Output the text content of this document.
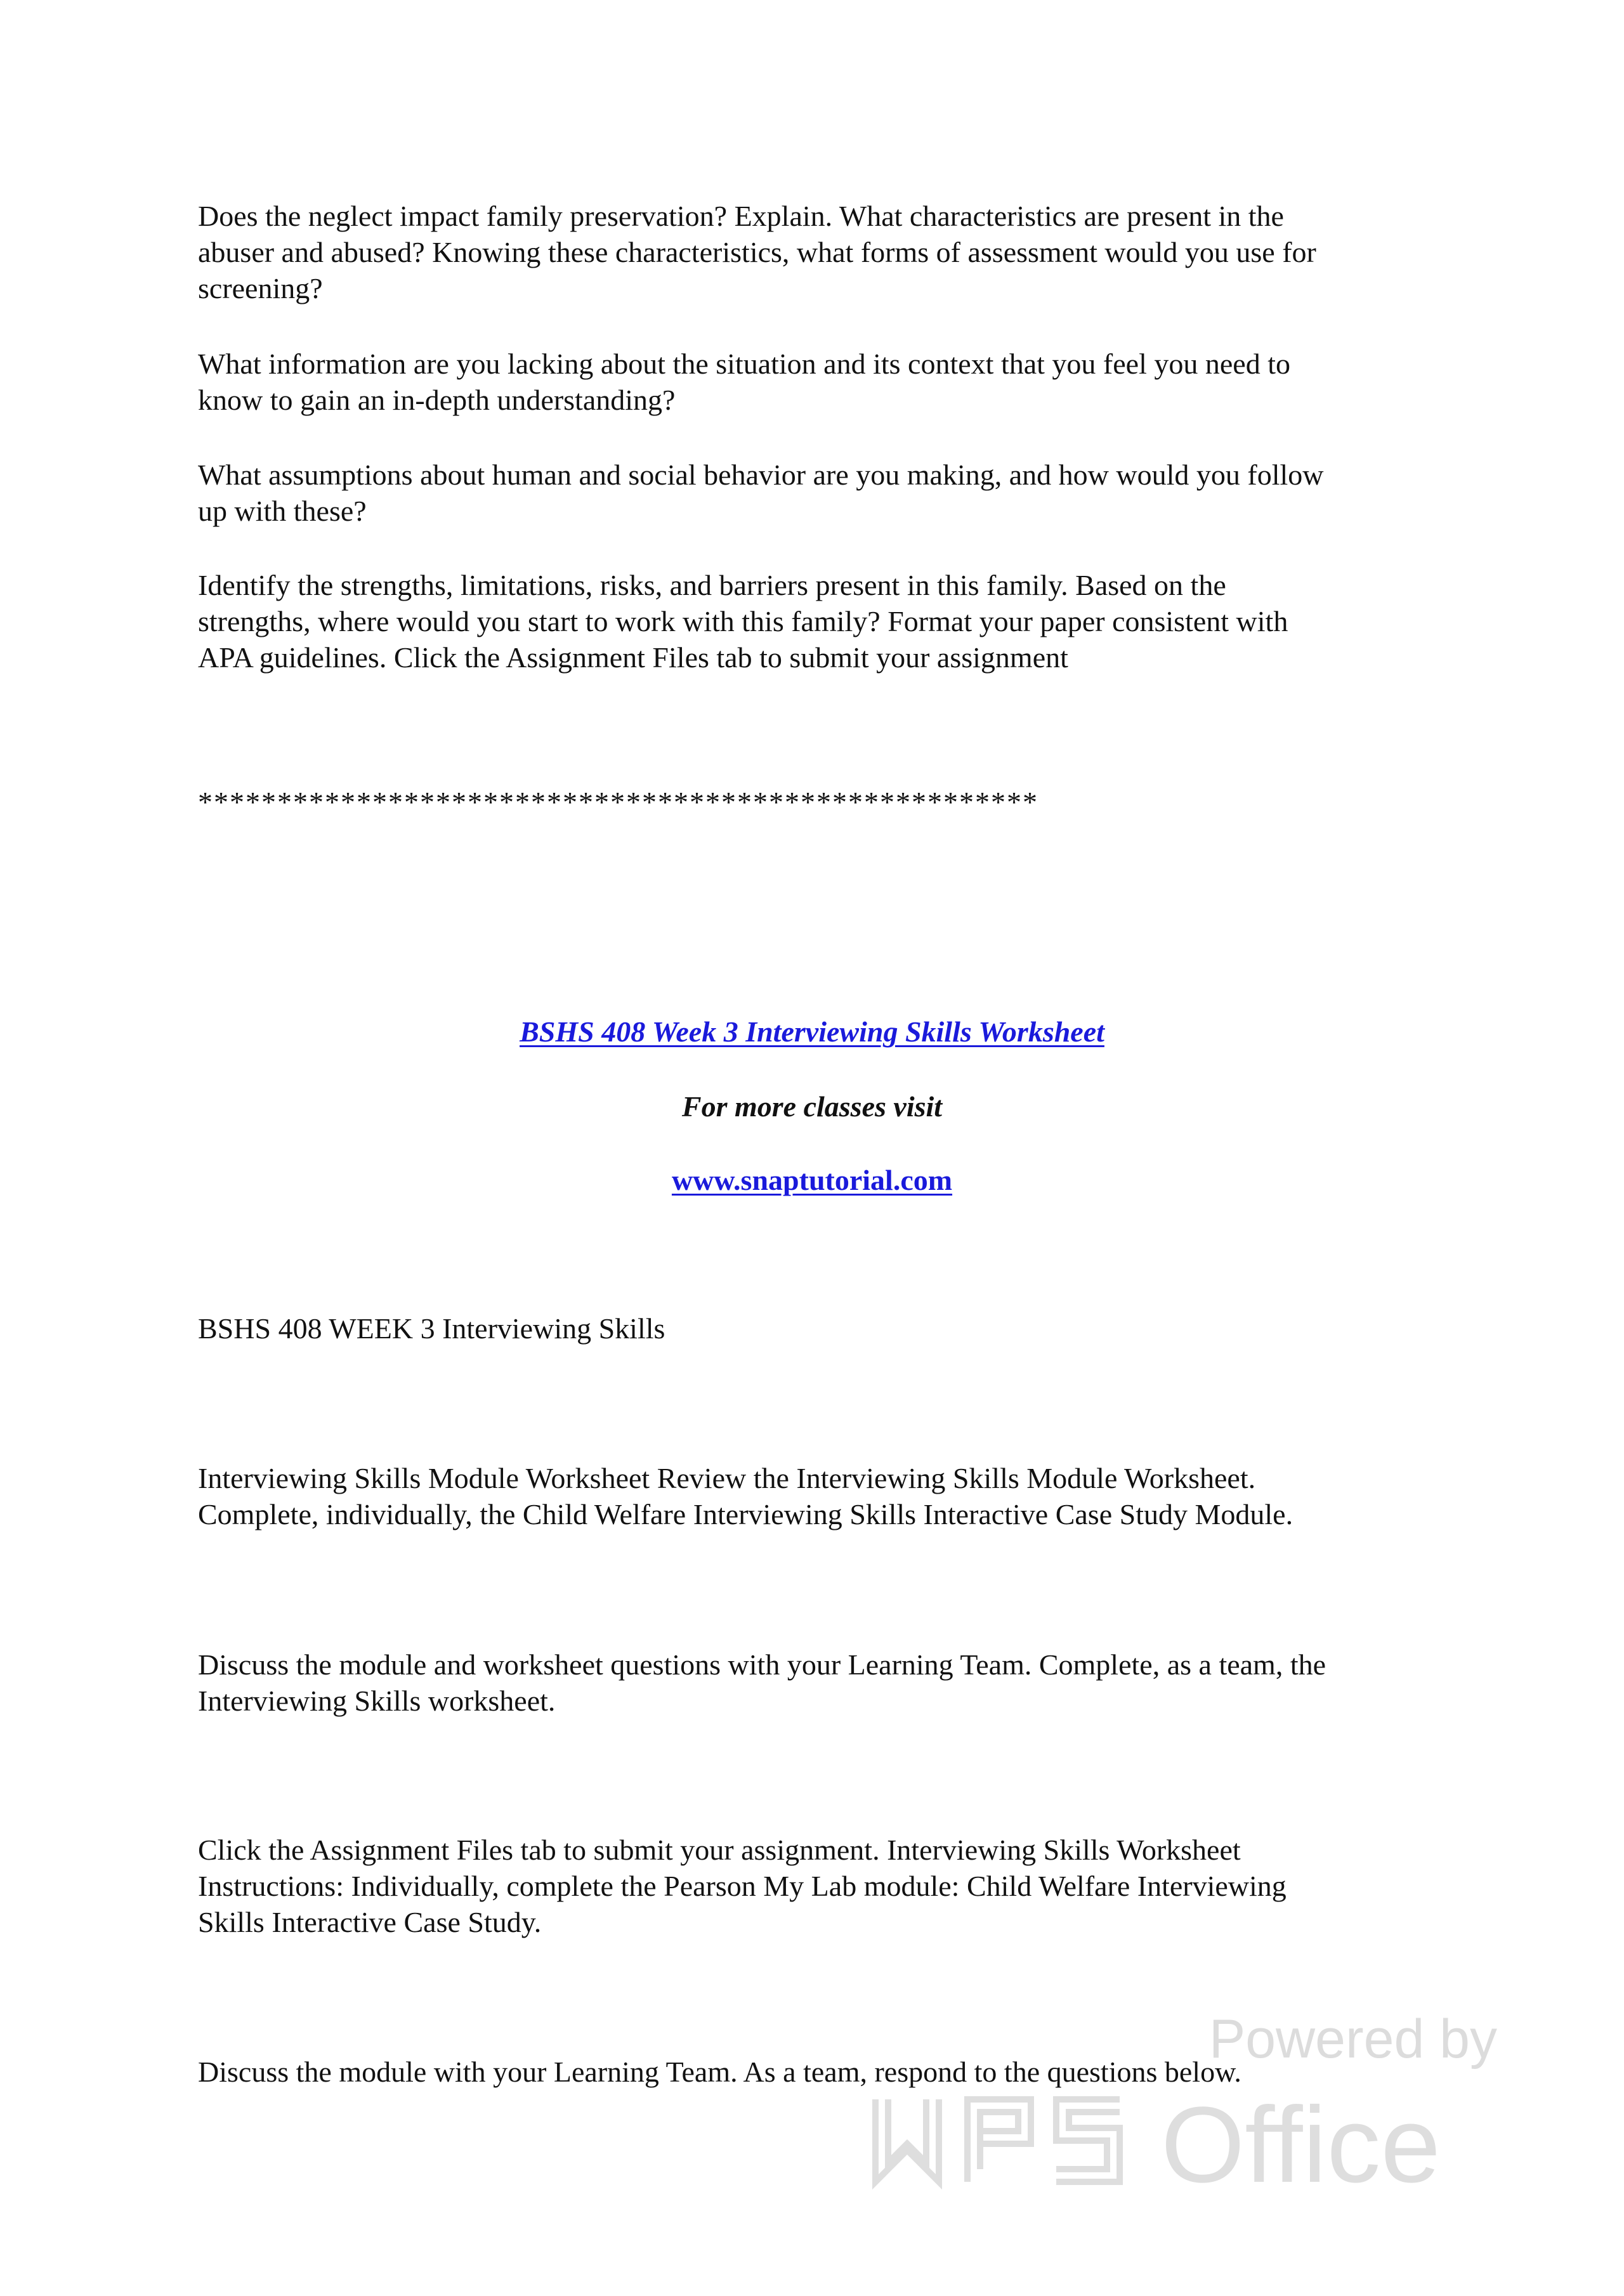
Does the neglect impact family preservation? Explain. What characteristics are present in the
abuser and abused? Knowing these characteristics, what forms of assessment would you use for
screening?

What information are you lacking about the situation and its context that you feel you need to
know to gain an in-depth understanding?

What assumptions about human and social behavior are you making, and how would you follow
up with these?

Identify the strengths, limitations, risks, and barriers present in this family. Based on the
strengths, where would you start to work with this family? Format your paper consistent with
APA guidelines. Click the Assignment Files tab to submit your assignment

*****************************************************

BSHS 408 Week 3 Interviewing Skills Worksheet

For more classes visit

www.snaptutorial.com

BSHS 408 WEEK 3 Interviewing Skills

Interviewing Skills Module Worksheet Review the Interviewing Skills Module Worksheet.
Complete, individually, the Child Welfare Interviewing Skills Interactive Case Study Module.

Discuss the module and worksheet questions with your Learning Team. Complete, as a team, the
Interviewing Skills worksheet.

Click the Assignment Files tab to submit your assignment. Interviewing Skills Worksheet
Instructions: Individually, complete the Pearson My Lab module: Child Welfare Interviewing
Skills Interactive Case Study.

Discuss the module with your Learning Team. As a team, respond to the questions below.

Powered by
Office
